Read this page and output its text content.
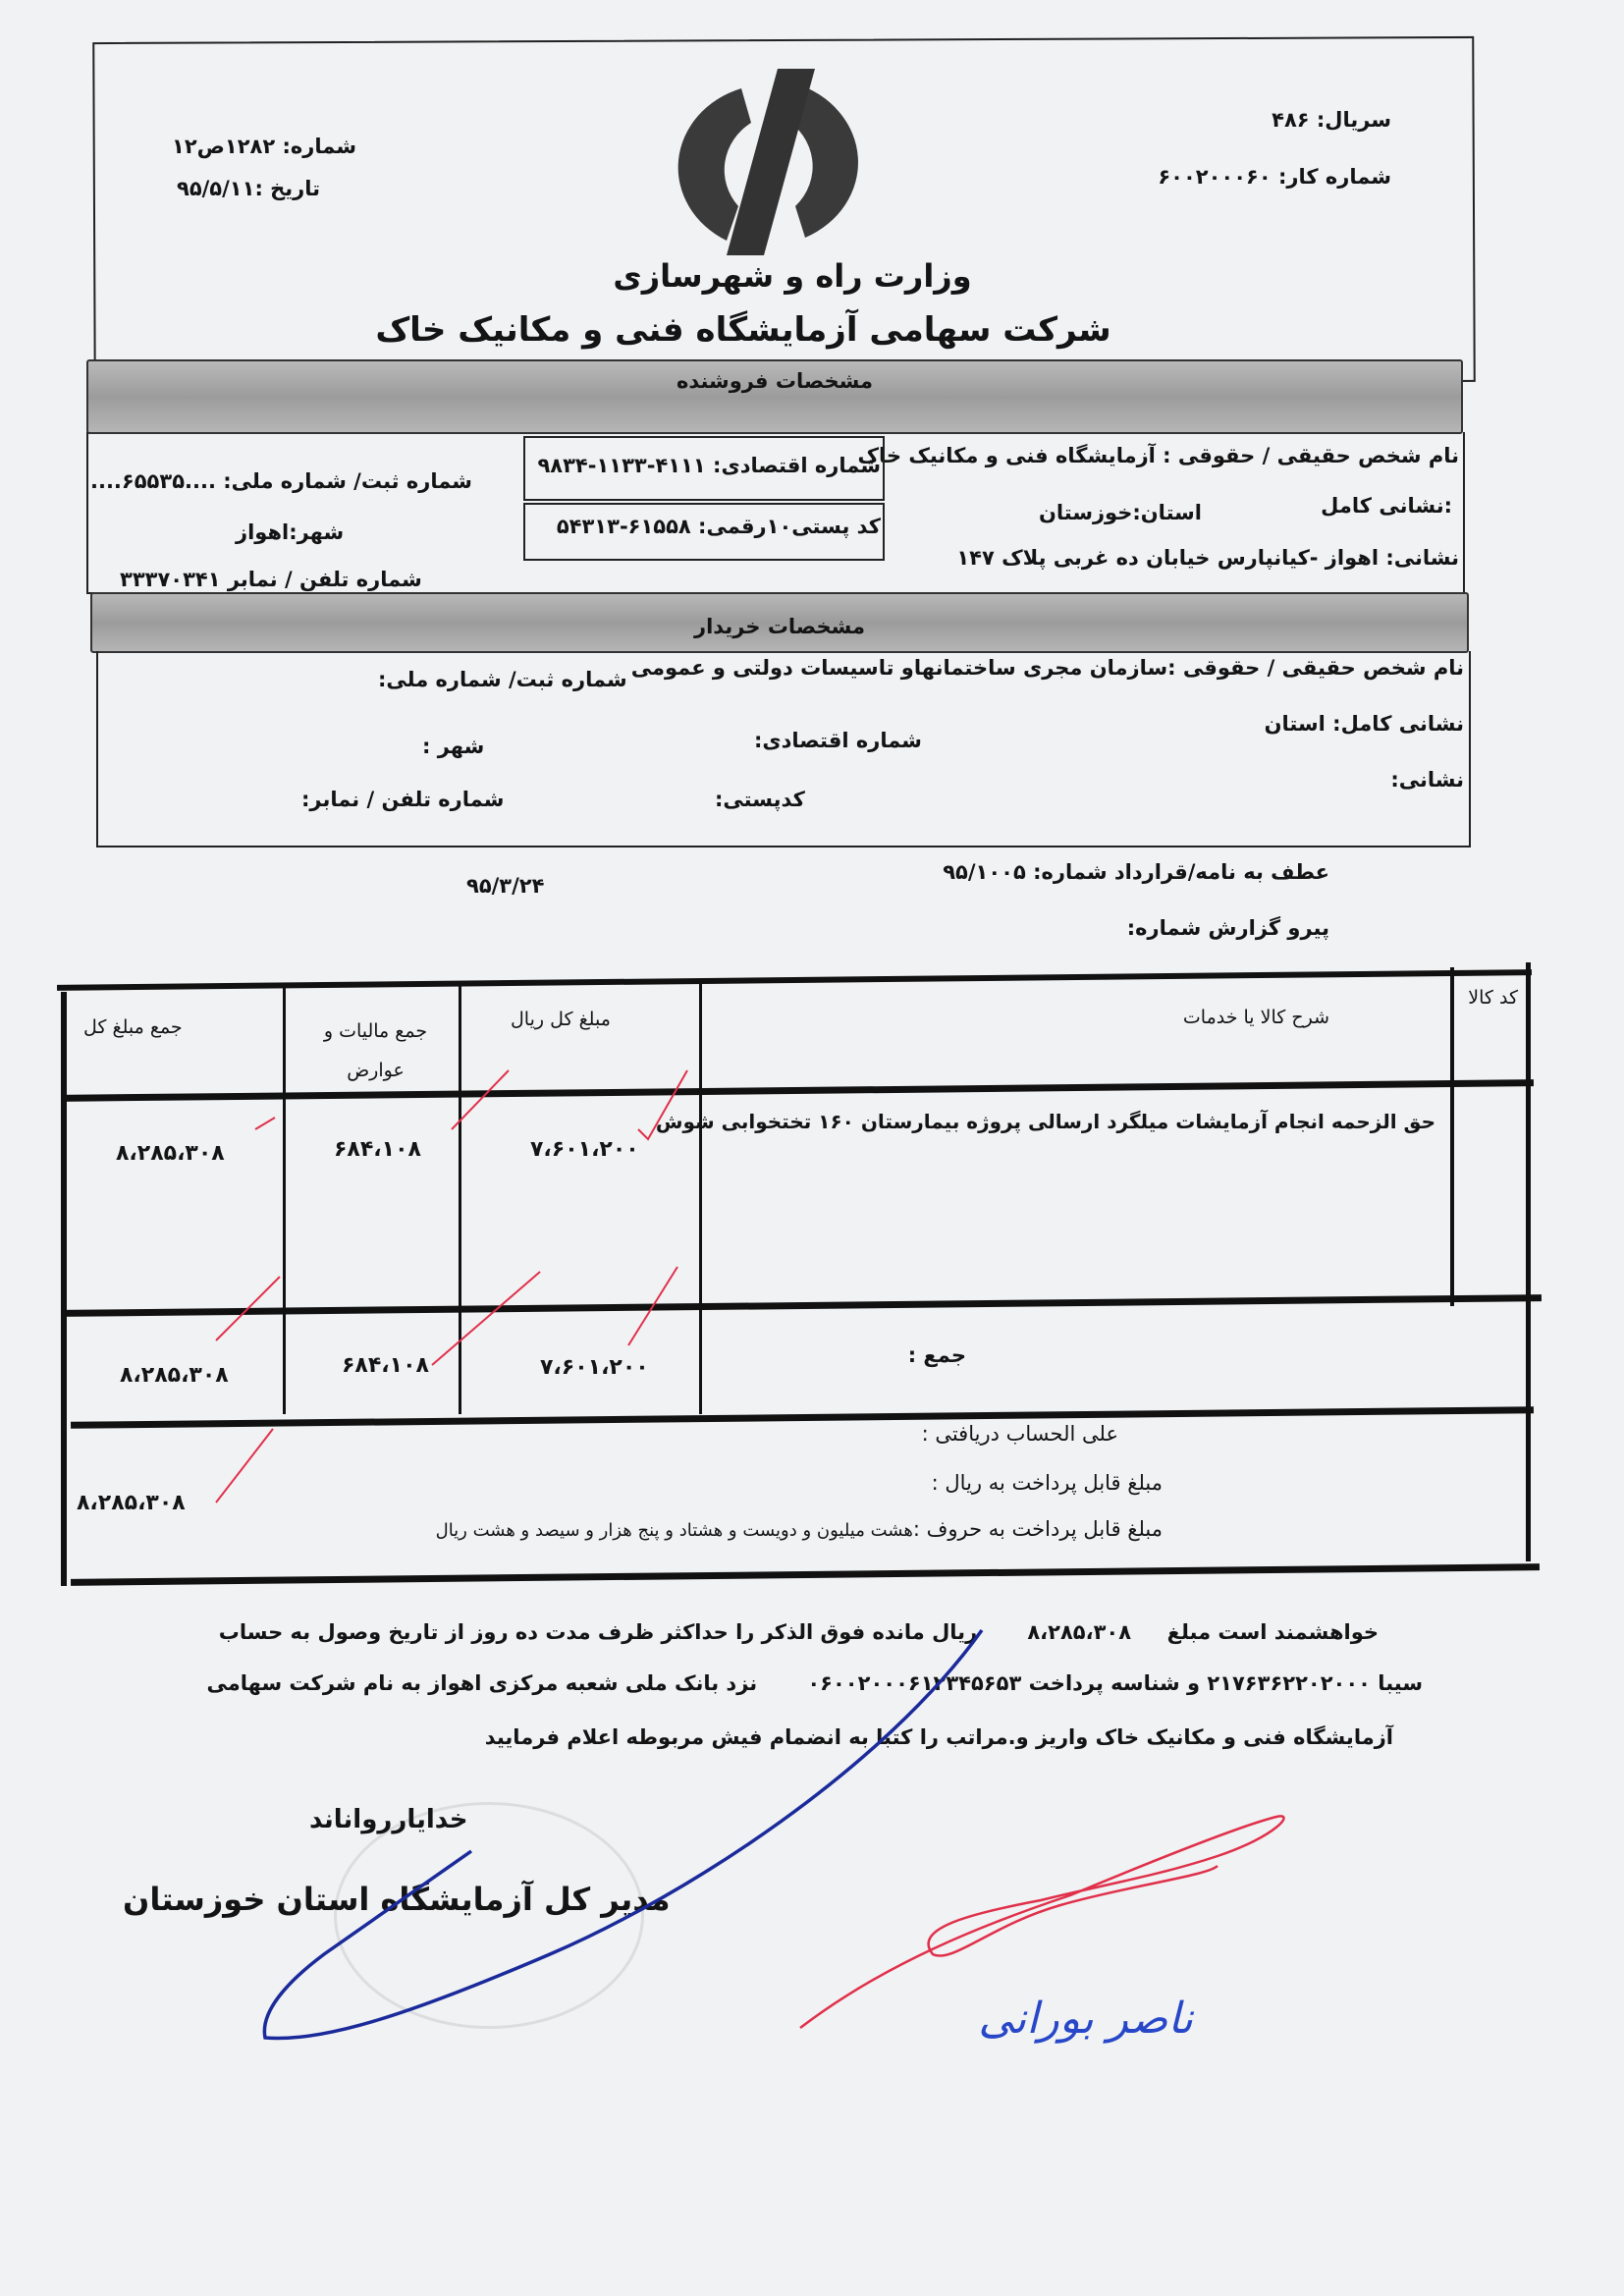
سریال: ۴۸۶
شماره کار: ۶۰۰۲۰۰۰۶۰
شماره: ۱۲۸۲ص۱۲
تاریخ :۹۵/۵/۱۱
وزارت راه و شهرسازی
شرکت سهامی آزمایشگاه فنی و مکانیک خاک
مشخصات فروشنده
نام شخص حقیقی / حقوقی : آزمایشگاه فنی و مکانیک خاک
:نشانی کامل
استان:خوزستان
نشانی: اهواز -کیانپارس خیابان ده غربی پلاک ۱۴۷
شماره اقتصادی: ۴۱۱۱-۱۱۳۳-۹۸۳۴
کد پستی۱۰رقمی: ۶۱۵۵۸-۵۴۳۱۳
شماره ثبت/ شماره ملی: ....۶۵۵۳۵....
شهر:اهواز
شماره تلفن / نمابر ۳۳۳۷۰۳۴۱
مشخصات خریدار
نام شخص حقیقی / حقوقی :سازمان مجری ساختمانهاو تاسیسات دولتی و عمومی
شماره ثبت/ شماره ملی:
نشانی کامل: استان
شماره اقتصادی:
شهر :
نشانی:
کدپستی:
شماره تلفن / نمابر:
عطف به نامه/قرارداد شماره: ۹۵/۱۰۰۵
۹۵/۳/۲۴
پیرو گزارش شماره:
کد کالا
شرح کالا یا خدمات
مبلغ کل ریال
جمع مالیات و عوارض
جمع مبلغ کل
حق الزحمه انجام آزمایشات میلگرد ارسالی پروژه بیمارستان ۱۶۰ تختخوابی شوش
۷،۶۰۱،۲۰۰
۶۸۴،۱۰۸
۸،۲۸۵،۳۰۸
جمع :
۷،۶۰۱،۲۰۰
۶۸۴،۱۰۸
۸،۲۸۵،۳۰۸
علی الحساب دریافتی :
مبلغ قابل پرداخت به ریال :
۸،۲۸۵،۳۰۸
مبلغ قابل پرداخت به حروف :هشت میلیون و دویست و هشتاد و پنج هزار و سیصد و هشت ریال
خواهشمند است مبلغ     ۸،۲۸۵،۳۰۸       ریال مانده فوق الذکر را حداکثر ظرف مدت ده روز از تاریخ وصول به حساب
سیبا ۲۱۷۶۳۶۲۲۰۲۰۰۰ و شناسه پرداخت ۰۶۰۰۲۰۰۰۶۱۲۳۴۵۶۵۳       نزد بانک ملی شعبه مرکزی اهواز به نام شرکت سهامی
آزمایشگاه فنی و مکانیک خاک واریز و.مراتب را کتبا به انضمام فیش مربوطه اعلام فرمایید
خدایاررواناند
مدیر کل آزمایشگاه استان خوزستان
ناصر بورانی
